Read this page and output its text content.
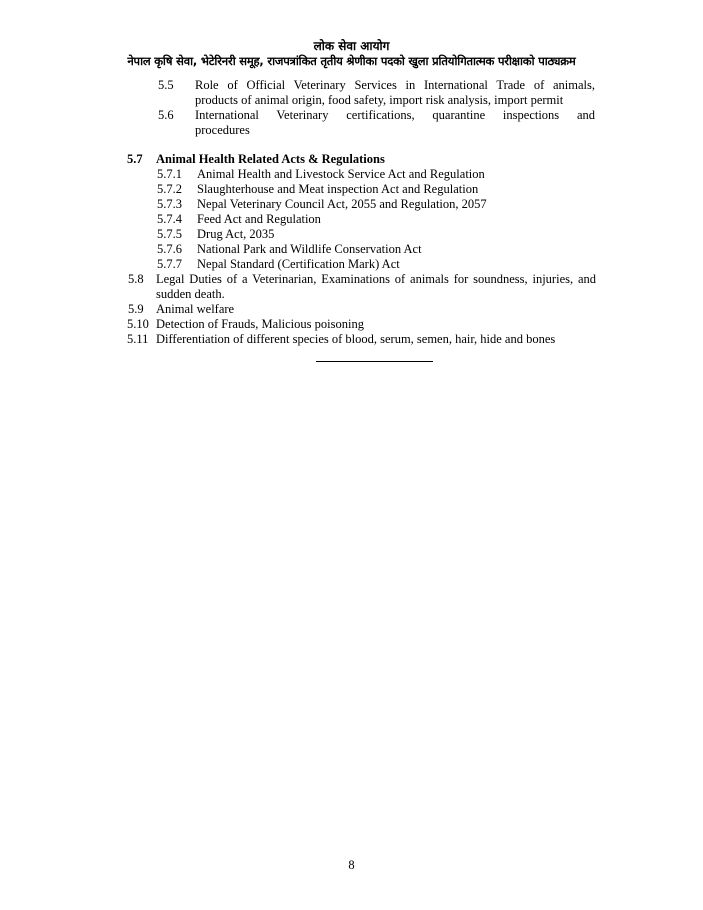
लोक सेवा आयोग
नेपाल कृषि सेवा, भेटेरिनरी समूह, राजपत्रांकित तृतीय श्रेणीका पदको खुला प्रतियोगितात्मक परीक्षाको पाठ्यक्रम
5.5 Role of Official Veterinary Services in International Trade of animals,
products of animal origin, food safety, import risk analysis, import permit
5.6 International Veterinary certifications, quarantine inspections and
procedures
5.7 Animal Health Related Acts & Regulations
5.7.1 Animal Health and Livestock Service Act and Regulation
5.7.2 Slaughterhouse and Meat inspection Act and Regulation
5.7.3 Nepal Veterinary Council Act, 2055 and Regulation, 2057
5.7.4 Feed Act and Regulation
5.7.5 Drug Act, 2035
5.7.6 National Park and Wildlife Conservation Act
5.7.7 Nepal Standard (Certification Mark) Act
5.8 Legal Duties of a Veterinarian, Examinations of animals for soundness, injuries, and
sudden death.
5.9 Animal welfare
5.10 Detection of Frauds, Malicious poisoning
5.11 Differentiation of different species of blood, serum, semen, hair, hide and bones
8
